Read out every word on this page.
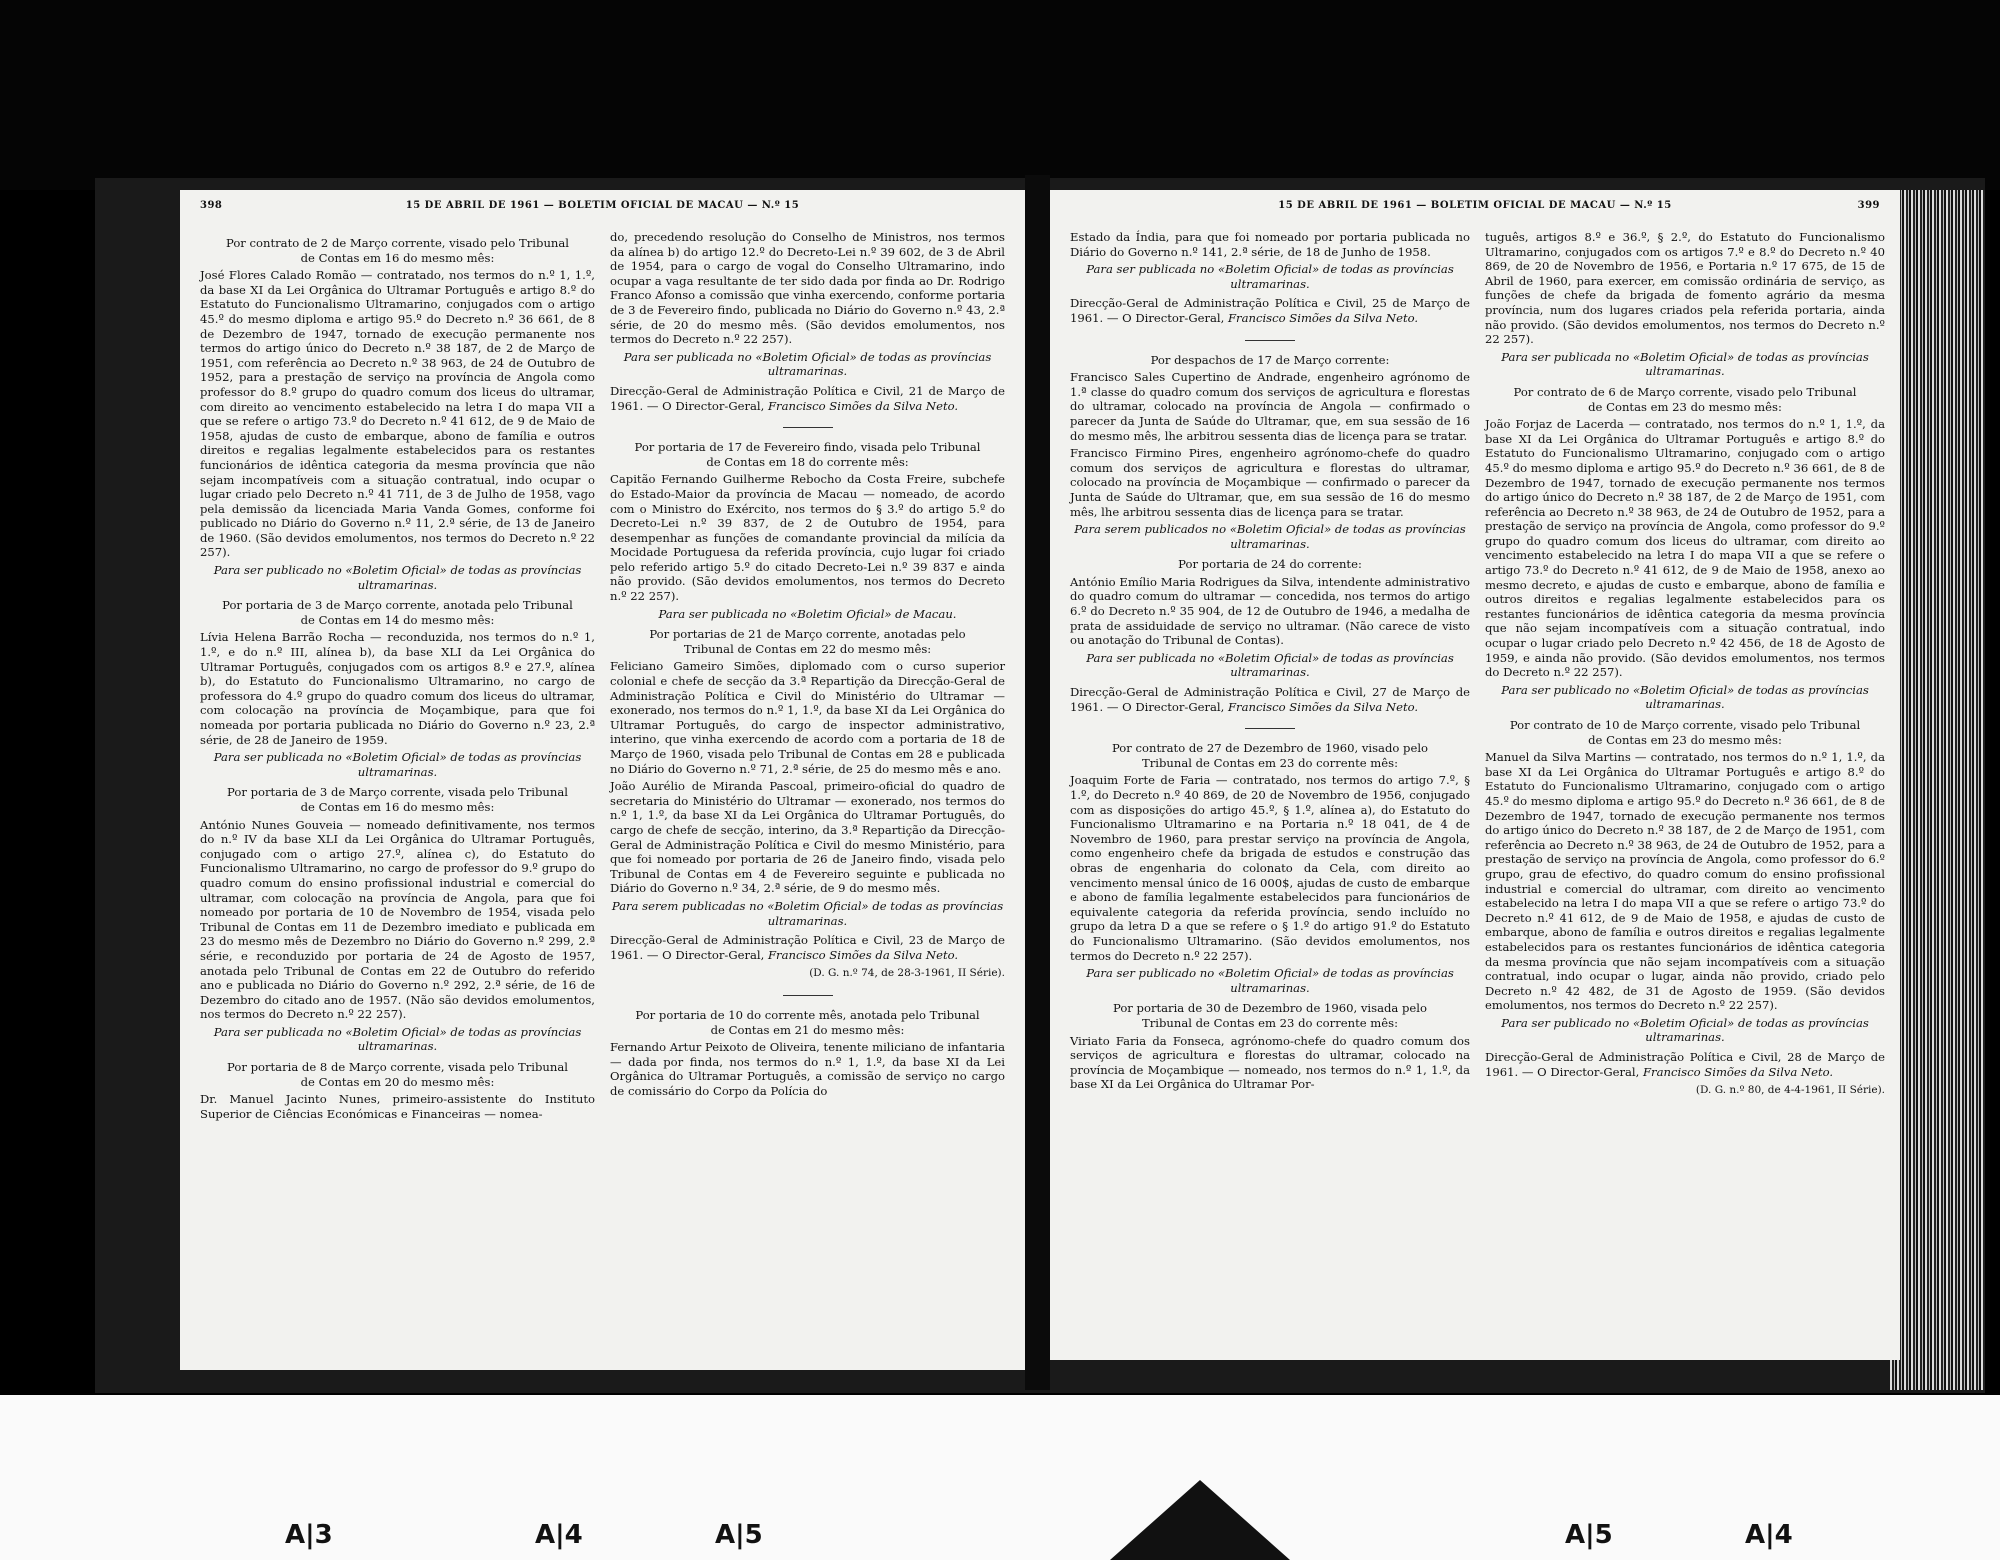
398	15 DE ABRIL DE 1961 — BOLETIM OFICIAL DE MACAU — N.º 15

Por contrato de 2 de Março corrente, visado pelo Tribunal de Contas em 16 do mesmo mês:

José Flores Calado Romão — contratado, nos termos do n.º 1, 1.º, da base XI da Lei Orgânica do Ultramar Português e artigo 8.º do Estatuto do Funcionalismo Ultramarino, conjugados com o artigo 45.º do mesmo diploma e artigo 95.º do Decreto n.º 36 661, de 8 de Dezembro de 1947, tornado de execução permanente nos termos do artigo único do Decreto n.º 38 187, de 2 de Março de 1951, com referência ao Decreto n.º 38 963, de 24 de Outubro de 1952, para a prestação de serviço na província de Angola como professor do 8.º grupo do quadro comum dos liceus do ultramar, com direito ao vencimento estabelecido na letra I do mapa VII a que se refere o artigo 73.º do Decreto n.º 41 612, de 9 de Maio de 1958, ajudas de custo de embarque, abono de família e outros direitos e regalias legalmente estabelecidos para os restantes funcionários de idêntica categoria da mesma província que não sejam incompatíveis com a situação contratual, indo ocupar o lugar criado pelo Decreto n.º 41 711, de 3 de Julho de 1958, vago pela demissão da licenciada Maria Vanda Gomes, conforme foi publicado no Diário do Governo n.º 11, 2.ª série, de 13 de Janeiro de 1960. (São devidos emolumentos, nos termos do Decreto n.º 22 257).

Para ser publicado no «Boletim Oficial» de todas as províncias ultramarinas.

Por portaria de 3 de Março corrente, anotada pelo Tribunal de Contas em 14 do mesmo mês:

Lívia Helena Barrão Rocha — reconduzida, nos termos do n.º 1, 1.º, e do n.º III, alínea b), da base XLI da Lei Orgânica do Ultramar Português, conjugados com os artigos 8.º e 27.º, alínea b), do Estatuto do Funcionalismo Ultramarino, no cargo de professora do 4.º grupo do quadro comum dos liceus do ultramar, com colocação na província de Moçambique, para que foi nomeada por portaria publicada no Diário do Governo n.º 23, 2.ª série, de 28 de Janeiro de 1959.

Para ser publicada no «Boletim Oficial» de todas as províncias ultramarinas.

Por portaria de 3 de Março corrente, visada pelo Tribunal de Contas em 16 do mesmo mês:

António Nunes Gouveia — nomeado definitivamente, nos termos do n.º IV da base XLI da Lei Orgânica do Ultramar Português, conjugado com o artigo 27.º, alínea c), do Estatuto do Funcionalismo Ultramarino, no cargo de professor do 9.º grupo do quadro comum do ensino profissional industrial e comercial do ultramar, com colocação na província de Angola, para que foi nomeado por portaria de 10 de Novembro de 1954, visada pelo Tribunal de Contas em 11 de Dezembro imediato e publicada em 23 do mesmo mês de Dezembro no Diário do Governo n.º 299, 2.ª série, e reconduzido por portaria de 24 de Agosto de 1957, anotada pelo Tribunal de Contas em 22 de Outubro do referido ano e publicada no Diário do Governo n.º 292, 2.ª série, de 16 de Dezembro do citado ano de 1957. (Não são devidos emolumentos, nos termos do Decreto n.º 22 257).

Para ser publicada no «Boletim Oficial» de todas as províncias ultramarinas.

Por portaria de 8 de Março corrente, visada pelo Tribunal de Contas em 20 do mesmo mês:

Dr. Manuel Jacinto Nunes, primeiro-assistente do Instituto Superior de Ciências Económicas e Financeiras — nomea-

do, precedendo resolução do Conselho de Ministros, nos termos da alínea b) do artigo 12.º do Decreto-Lei n.º 39 602, de 3 de Abril de 1954, para o cargo de vogal do Conselho Ultramarino, indo ocupar a vaga resultante de ter sido dada por finda ao Dr. Rodrigo Franco Afonso a comissão que vinha exercendo, conforme portaria de 3 de Fevereiro findo, publicada no Diário do Governo n.º 43, 2.ª série, de 20 do mesmo mês. (São devidos emolumentos, nos termos do Decreto n.º 22 257).

Para ser publicada no «Boletim Oficial» de todas as províncias ultramarinas.

Direcção-Geral de Administração Política e Civil, 21 de Março de 1961. — O Director-Geral, Francisco Simões da Silva Neto.

Por portaria de 17 de Fevereiro findo, visada pelo Tribunal de Contas em 18 do corrente mês:

Capitão Fernando Guilherme Rebocho da Costa Freire, subchefe do Estado-Maior da província de Macau — nomeado, de acordo com o Ministro do Exército, nos termos do § 3.º do artigo 5.º do Decreto-Lei n.º 39 837, de 2 de Outubro de 1954, para desempenhar as funções de comandante provincial da milícia da Mocidade Portuguesa da referida província, cujo lugar foi criado pelo referido artigo 5.º do citado Decreto-Lei n.º 39 837 e ainda não provido. (São devidos emolumentos, nos termos do Decreto n.º 22 257).

Para ser publicada no «Boletim Oficial» de Macau.

Por portarias de 21 de Março corrente, anotadas pelo Tribunal de Contas em 22 do mesmo mês:

Feliciano Gameiro Simões, diplomado com o curso superior colonial e chefe de secção da 3.ª Repartição da Direcção-Geral de Administração Política e Civil do Ministério do Ultramar — exonerado, nos termos do n.º 1, 1.º, da base XI da Lei Orgânica do Ultramar Português, do cargo de inspector administrativo, interino, que vinha exercendo de acordo com a portaria de 18 de Março de 1960, visada pelo Tribunal de Contas em 28 e publicada no Diário do Governo n.º 71, 2.ª série, de 25 do mesmo mês e ano.

João Aurélio de Miranda Pascoal, primeiro-oficial do quadro de secretaria do Ministério do Ultramar — exonerado, nos termos do n.º 1, 1.º, da base XI da Lei Orgânica do Ultramar Português, do cargo de chefe de secção, interino, da 3.ª Repartição da Direcção-Geral de Administração Política e Civil do mesmo Ministério, para que foi nomeado por portaria de 26 de Janeiro findo, visada pelo Tribunal de Contas em 4 de Fevereiro seguinte e publicada no Diário do Governo n.º 34, 2.ª série, de 9 do mesmo mês.

Para serem publicadas no «Boletim Oficial» de todas as províncias ultramarinas.

Direcção-Geral de Administração Política e Civil, 23 de Março de 1961. — O Director-Geral, Francisco Simões da Silva Neto.

(D. G. n.º 74, de 28-3-1961, II Série).

Por portaria de 10 do corrente mês, anotada pelo Tribunal de Contas em 21 do mesmo mês:

Fernando Artur Peixoto de Oliveira, tenente miliciano de infantaria — dada por finda, nos termos do n.º 1, 1.º, da base XI da Lei Orgânica do Ultramar Português, a comissão de serviço no cargo de comissário do Corpo da Polícia do

15 DE ABRIL DE 1961 — BOLETIM OFICIAL DE MACAU — N.º 15	399

Estado da Índia, para que foi nomeado por portaria publicada no Diário do Governo n.º 141, 2.ª série, de 18 de Junho de 1958.

Para ser publicada no «Boletim Oficial» de todas as províncias ultramarinas.

Direcção-Geral de Administração Política e Civil, 25 de Março de 1961. — O Director-Geral, Francisco Simões da Silva Neto.

Por despachos de 17 de Março corrente:

Francisco Sales Cupertino de Andrade, engenheiro agrónomo de 1.ª classe do quadro comum dos serviços de agricultura e florestas do ultramar, colocado na província de Angola — confirmado o parecer da Junta de Saúde do Ultramar, que, em sua sessão de 16 do mesmo mês, lhe arbitrou sessenta dias de licença para se tratar.

Francisco Firmino Pires, engenheiro agrónomo-chefe do quadro comum dos serviços de agricultura e florestas do ultramar, colocado na província de Moçambique — confirmado o parecer da Junta de Saúde do Ultramar, que, em sua sessão de 16 do mesmo mês, lhe arbitrou sessenta dias de licença para se tratar.

Para serem publicados no «Boletim Oficial» de todas as províncias ultramarinas.

Por portaria de 24 do corrente:

António Emílio Maria Rodrigues da Silva, intendente administrativo do quadro comum do ultramar — concedida, nos termos do artigo 6.º do Decreto n.º 35 904, de 12 de Outubro de 1946, a medalha de prata de assiduidade de serviço no ultramar. (Não carece de visto ou anotação do Tribunal de Contas).

Para ser publicada no «Boletim Oficial» de todas as províncias ultramarinas.

Direcção-Geral de Administração Política e Civil, 27 de Março de 1961. — O Director-Geral, Francisco Simões da Silva Neto.

Por contrato de 27 de Dezembro de 1960, visado pelo Tribunal de Contas em 23 do corrente mês:

Joaquim Forte de Faria — contratado, nos termos do artigo 7.º, § 1.º, do Decreto n.º 40 869, de 20 de Novembro de 1956, conjugado com as disposições do artigo 45.º, § 1.º, alínea a), do Estatuto do Funcionalismo Ultramarino e na Portaria n.º 18 041, de 4 de Novembro de 1960, para prestar serviço na província de Angola, como engenheiro chefe da brigada de estudos e construção das obras de engenharia do colonato da Cela, com direito ao vencimento mensal único de 16 000$, ajudas de custo de embarque e abono de família legalmente estabelecidos para funcionários de equivalente categoria da referida província, sendo incluído no grupo da letra D a que se refere o § 1.º do artigo 91.º do Estatuto do Funcionalismo Ultramarino. (São devidos emolumentos, nos termos do Decreto n.º 22 257).

Para ser publicado no «Boletim Oficial» de todas as províncias ultramarinas.

Por portaria de 30 de Dezembro de 1960, visada pelo Tribunal de Contas em 23 do corrente mês:

Viriato Faria da Fonseca, agrónomo-chefe do quadro comum dos serviços de agricultura e florestas do ultramar, colocado na província de Moçambique — nomeado, nos termos do n.º 1, 1.º, da base XI da Lei Orgânica do Ultramar Por-

tuguês, artigos 8.º e 36.º, § 2.º, do Estatuto do Funcionalismo Ultramarino, conjugados com os artigos 7.º e 8.º do Decreto n.º 40 869, de 20 de Novembro de 1956, e Portaria n.º 17 675, de 15 de Abril de 1960, para exercer, em comissão ordinária de serviço, as funções de chefe da brigada de fomento agrário da mesma província, num dos lugares criados pela referida portaria, ainda não provido. (São devidos emolumentos, nos termos do Decreto n.º 22 257).

Para ser publicada no «Boletim Oficial» de todas as províncias ultramarinas.

Por contrato de 6 de Março corrente, visado pelo Tribunal de Contas em 23 do mesmo mês:

João Forjaz de Lacerda — contratado, nos termos do n.º 1, 1.º, da base XI da Lei Orgânica do Ultramar Português e artigo 8.º do Estatuto do Funcionalismo Ultramarino, conjugado com o artigo 45.º do mesmo diploma e artigo 95.º do Decreto n.º 36 661, de 8 de Dezembro de 1947, tornado de execução permanente nos termos do artigo único do Decreto n.º 38 187, de 2 de Março de 1951, com referência ao Decreto n.º 38 963, de 24 de Outubro de 1952, para a prestação de serviço na província de Angola, como professor do 9.º grupo do quadro comum dos liceus do ultramar, com direito ao vencimento estabelecido na letra I do mapa VII a que se refere o artigo 73.º do Decreto n.º 41 612, de 9 de Maio de 1958, anexo ao mesmo decreto, e ajudas de custo e embarque, abono de família e outros direitos e regalias legalmente estabelecidos para os restantes funcionários de idêntica categoria da mesma província que não sejam incompatíveis com a situação contratual, indo ocupar o lugar criado pelo Decreto n.º 42 456, de 18 de Agosto de 1959, e ainda não provido. (São devidos emolumentos, nos termos do Decreto n.º 22 257).

Para ser publicado no «Boletim Oficial» de todas as províncias ultramarinas.

Por contrato de 10 de Março corrente, visado pelo Tribunal de Contas em 23 do mesmo mês:

Manuel da Silva Martins — contratado, nos termos do n.º 1, 1.º, da base XI da Lei Orgânica do Ultramar Português e artigo 8.º do Estatuto do Funcionalismo Ultramarino, conjugado com o artigo 45.º do mesmo diploma e artigo 95.º do Decreto n.º 36 661, de 8 de Dezembro de 1947, tornado de execução permanente nos termos do artigo único do Decreto n.º 38 187, de 2 de Março de 1951, com referência ao Decreto n.º 38 963, de 24 de Outubro de 1952, para a prestação de serviço na província de Angola, como professor do 6.º grupo, grau de efectivo, do quadro comum do ensino profissional industrial e comercial do ultramar, com direito ao vencimento estabelecido na letra I do mapa VII a que se refere o artigo 73.º do Decreto n.º 41 612, de 9 de Maio de 1958, e ajudas de custo de embarque, abono de família e outros direitos e regalias legalmente estabelecidos para os restantes funcionários de idêntica categoria da mesma província que não sejam incompatíveis com a situação contratual, indo ocupar o lugar, ainda não provido, criado pelo Decreto n.º 42 482, de 31 de Agosto de 1959. (São devidos emolumentos, nos termos do Decreto n.º 22 257).

Para ser publicado no «Boletim Oficial» de todas as províncias ultramarinas.

Direcção-Geral de Administração Política e Civil, 28 de Março de 1961. — O Director-Geral, Francisco Simões da Silva Neto.

(D. G. n.º 80, de 4-4-1961, II Série).

A|3	A|4	A|5	A|5	A|4
